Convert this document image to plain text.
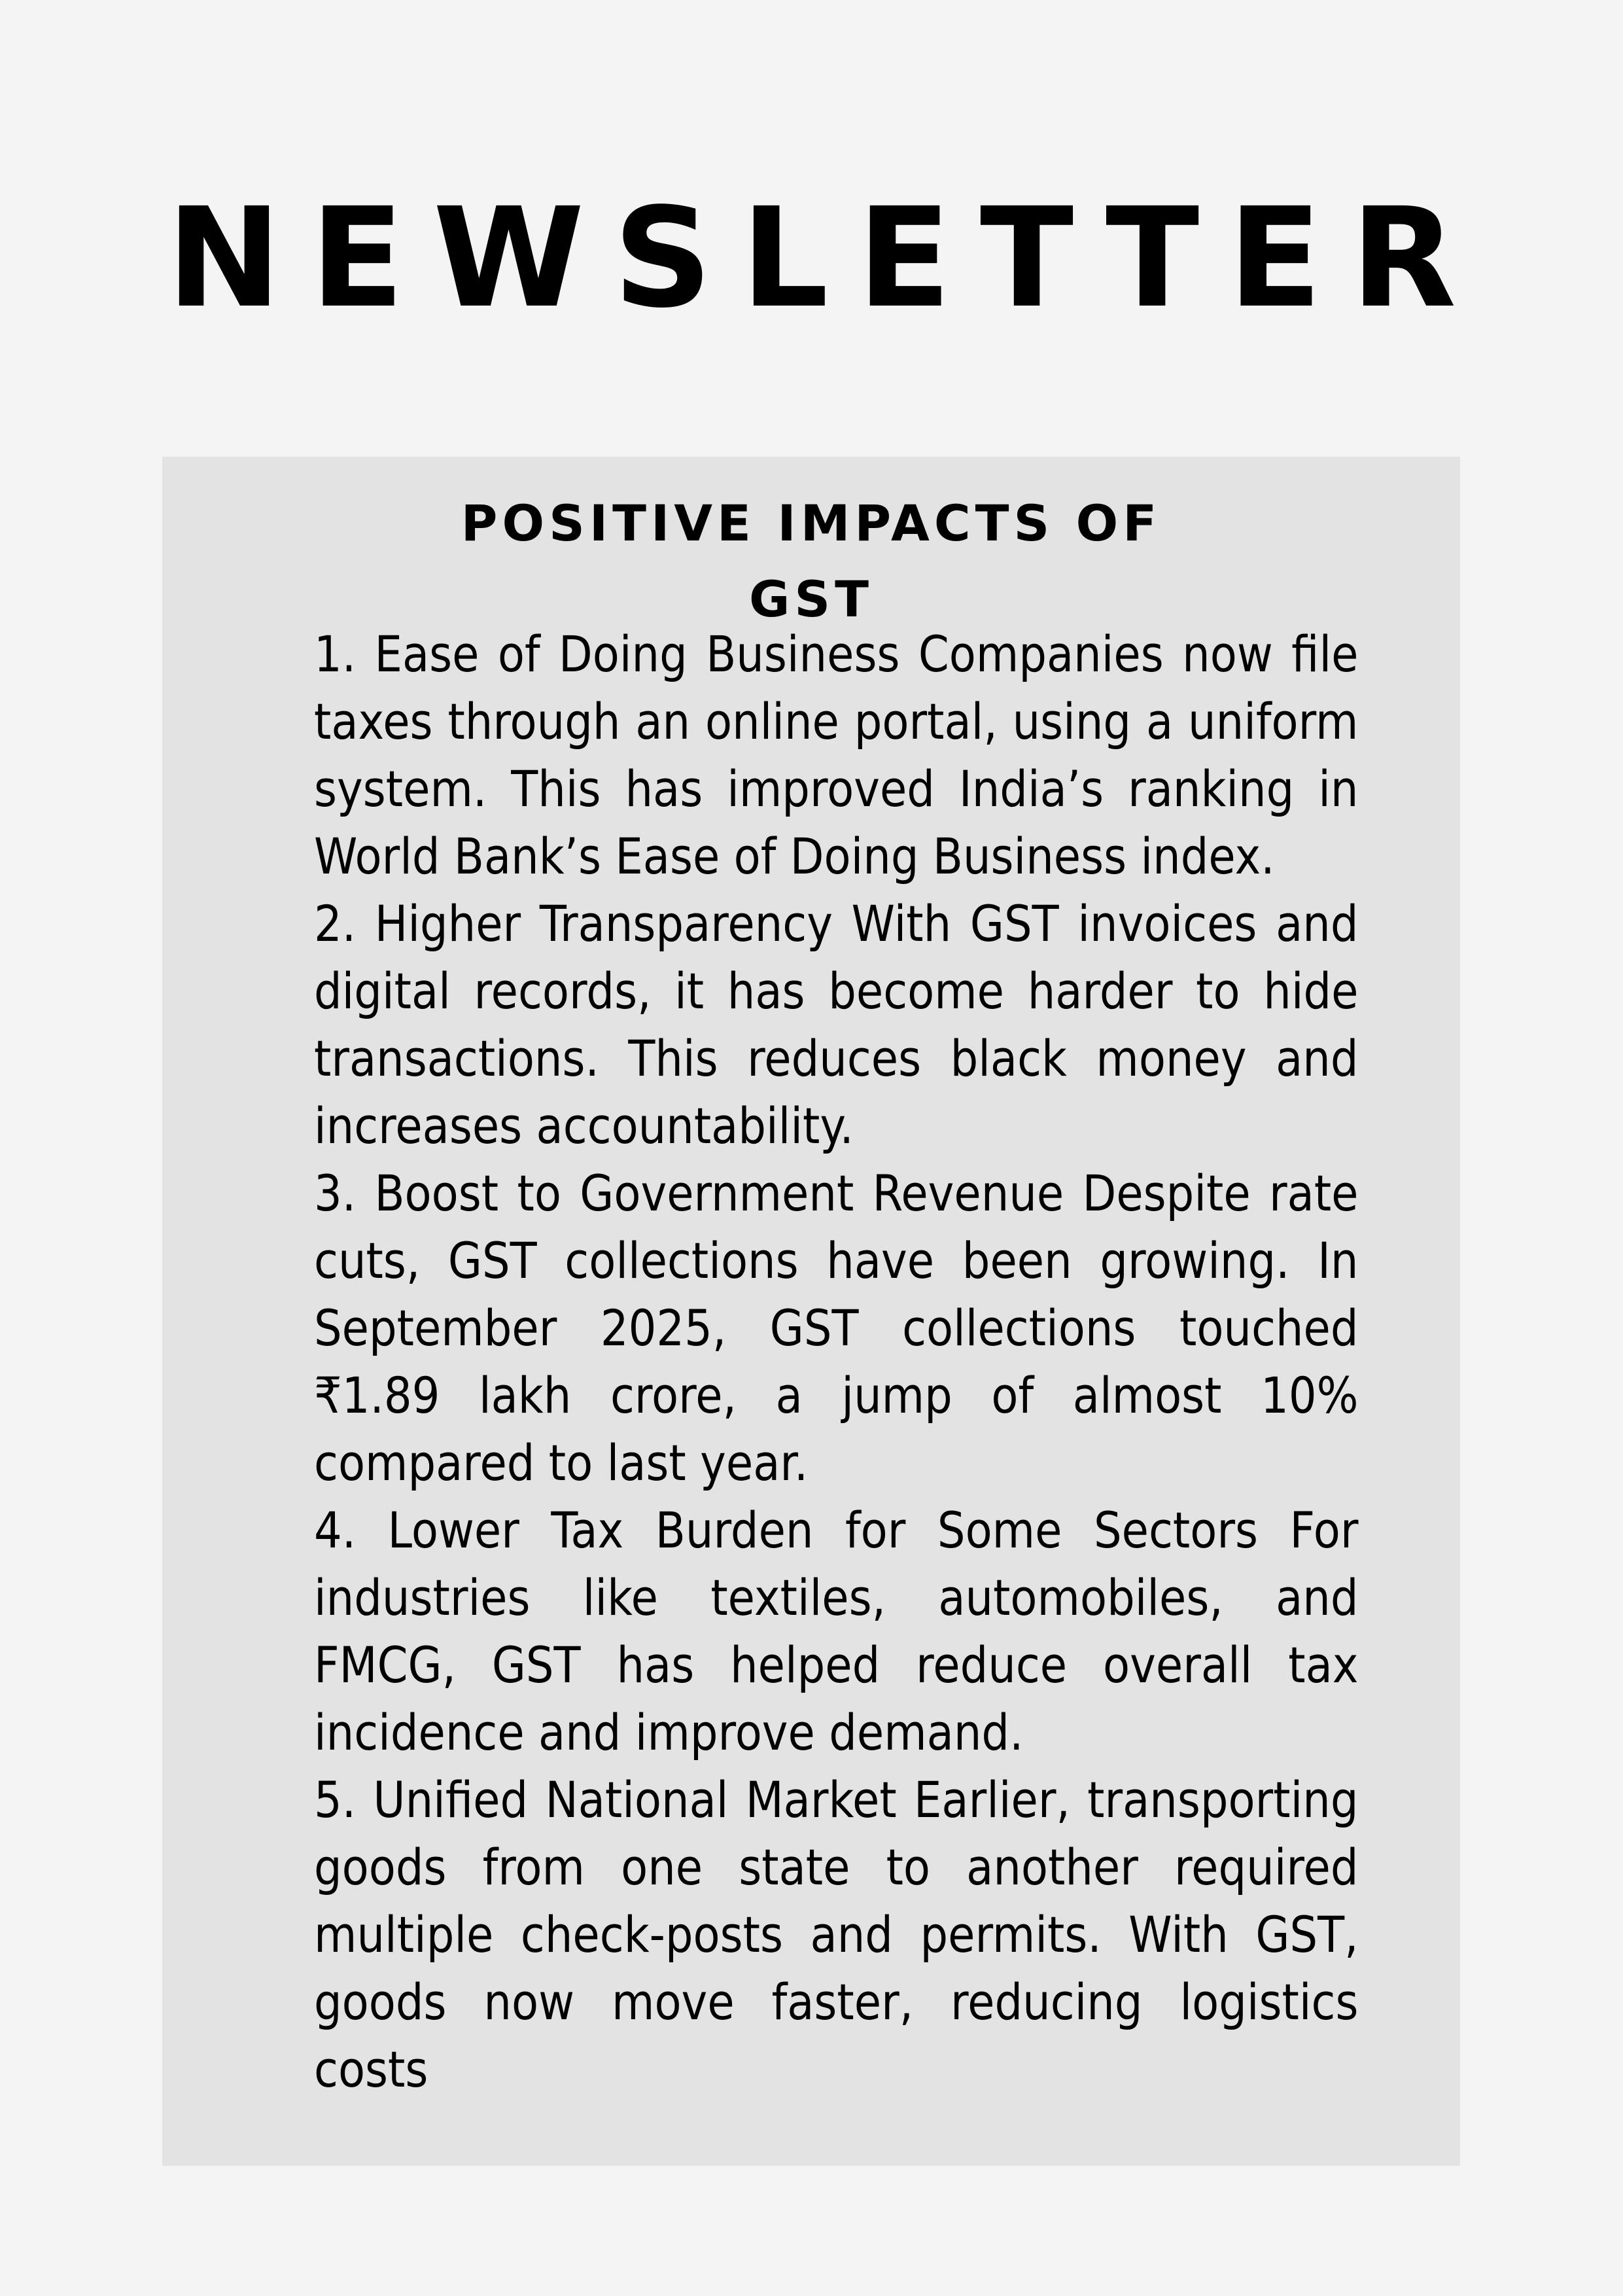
NEWSLETTER
POSITIVE IMPACTS OF
GST

1. Ease of Doing Business Companies now file taxes through an online portal, using a uniform system. This has improved India’s ranking in World Bank’s Ease of Doing Business index.

2. Higher Transparency With GST invoices and digital records, it has become harder to hide transactions. This reduces black money and increases accountability.

3. Boost to Government Revenue Despite rate cuts, GST collections have been growing. In September 2025, GST collections touched ₹1.89 lakh crore, a jump of almost 10% compared to last year.

4. Lower Tax Burden for Some Sectors For industries like textiles, automobiles, and FMCG, GST has helped reduce overall tax incidence and improve demand.

5. Unified National Market Earlier, transporting goods from one state to another required multiple check-posts and permits. With GST, goods now move faster, reducing logistics costs
